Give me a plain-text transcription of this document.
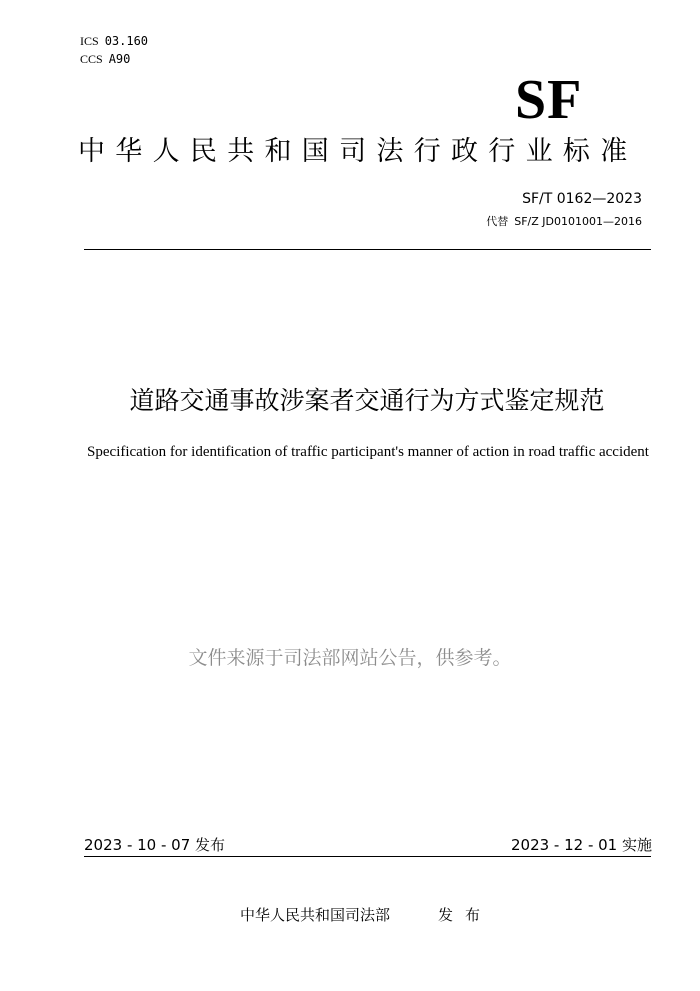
ICS 03.160
CCS A90
SF
中华人民共和国司法行政行业标准
SF/T 0162—2023
代替 SF/Z JD0101001—2016
道路交通事故涉案者交通行为方式鉴定规范
Specification for identification of traffic participant's manner of action in road traffic accident
文件来源于司法部网站公告，供参考。
2023 - 10 - 07 发布	2023 - 12 - 01 实施
中华人民共和国司法部	发布
